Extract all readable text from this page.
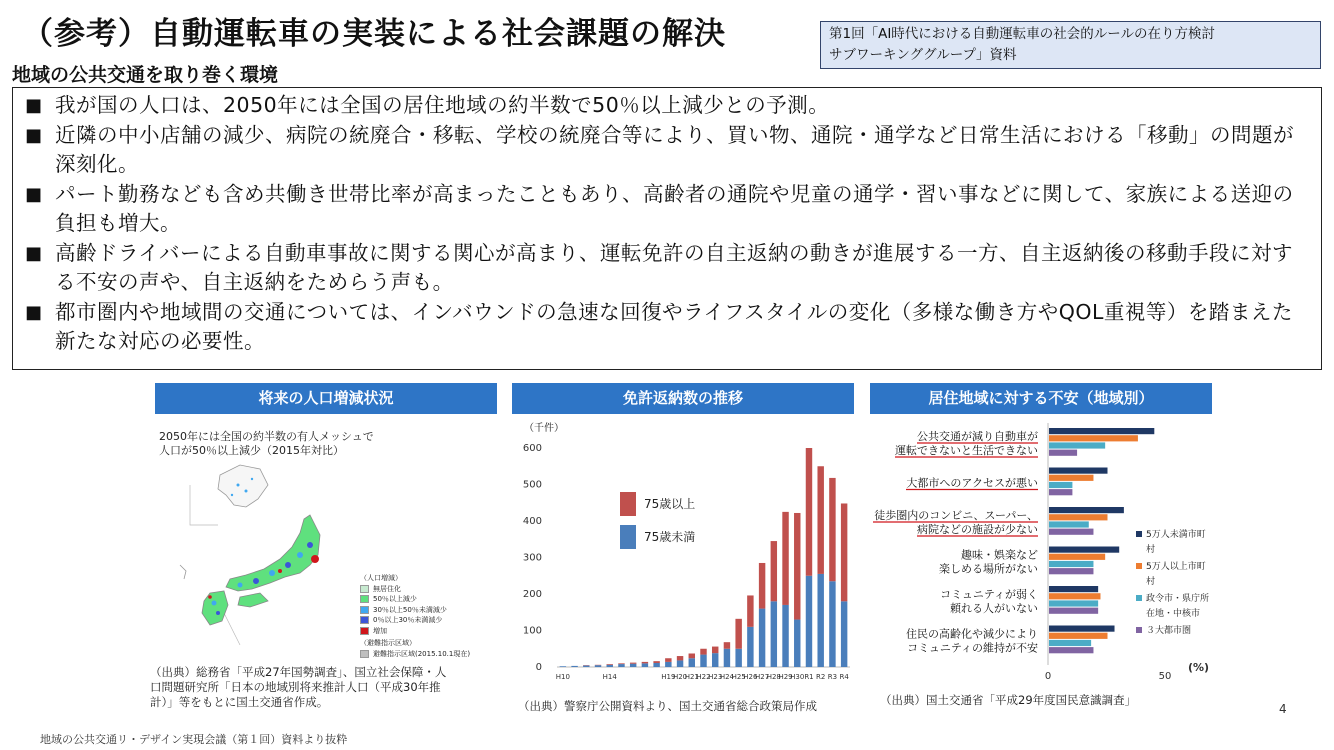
（参考）自動運転車の実装による社会課題の解決	第1回「AI時代における自動運転車の社会的ルールの在り方検討
サブワーキンググループ」資料
地域の公共交通を取り巻く環境
■ 我が国の人口は、2050年には全国の居住地域の約半数で50％以上減少との予測。
■ 近隣の中小店舗の減少、病院の統廃合・移転、学校の統廃合等により、買い物、通院・通学など日常生活における「移動」の問題が深刻化。
■ パート勤務なども含め共働き世帯比率が高まったこともあり、高齢者の通院や児童の通学・習い事などに関して、家族による送迎の負担も増大。
■ 高齢ドライバーによる自動車事故に関する関心が高まり、運転免許の自主返納の動きが進展する一方、自主返納後の移動手段に対する不安の声や、自主返納をためらう声も。
■ 都市圏内や地域間の交通については、インバウンドの急速な回復やライフスタイルの変化（多様な働き方やQOL重視等）を踏まえた新たな対応の必要性。
将来の人口増減状況	免許返納数の推移	居住地域に対する不安（地域別）
2050年には全国の約半数の有人メッシュで
人口が50％以上減少（2015年対比）
（人口増減）
無居住化
50％以上減少
30％以上50％未満減少
0％以上30％未満減少
増加
（避難指示区域）
避難指示区域(2015.10.1現在)
（出典）総務省「平成27年国勢調査」、国立社会保障・人
口問題研究所「日本の地域別将来推計人口（平成30年推
計）」等をもとに国土交通省作成。
（千件）
0
100
200
300
400
500
600
H10	H14	H19
H20
H21
H22
H23
H24
H25
H26
H27
H28
H29
H30 R1 R2 R3 R4
75歳以上
75歳未満
（出典）警察庁公開資料より、国土交通省総合政策局作成
公共交通が減り自動車が
運転できないと生活できない
大都市へのアクセスが悪い
徒歩圏内のコンビニ、スーパー、
病院などの施設が少ない
趣味・娯楽など
楽しめる場所がない
コミュニティが弱く
頼れる人がいない
住民の高齢化や減少により
コミュニティの維持が不安
0	50
(%)
5万人未満市町
村
5万人以上市町
村
政令市・県庁所
在地・中核市
３大都市圏
（出典）国土交通省「平成29年度国民意識調査」
4
地域の公共交通リ・デザイン実現会議（第１回）資料より抜粋
